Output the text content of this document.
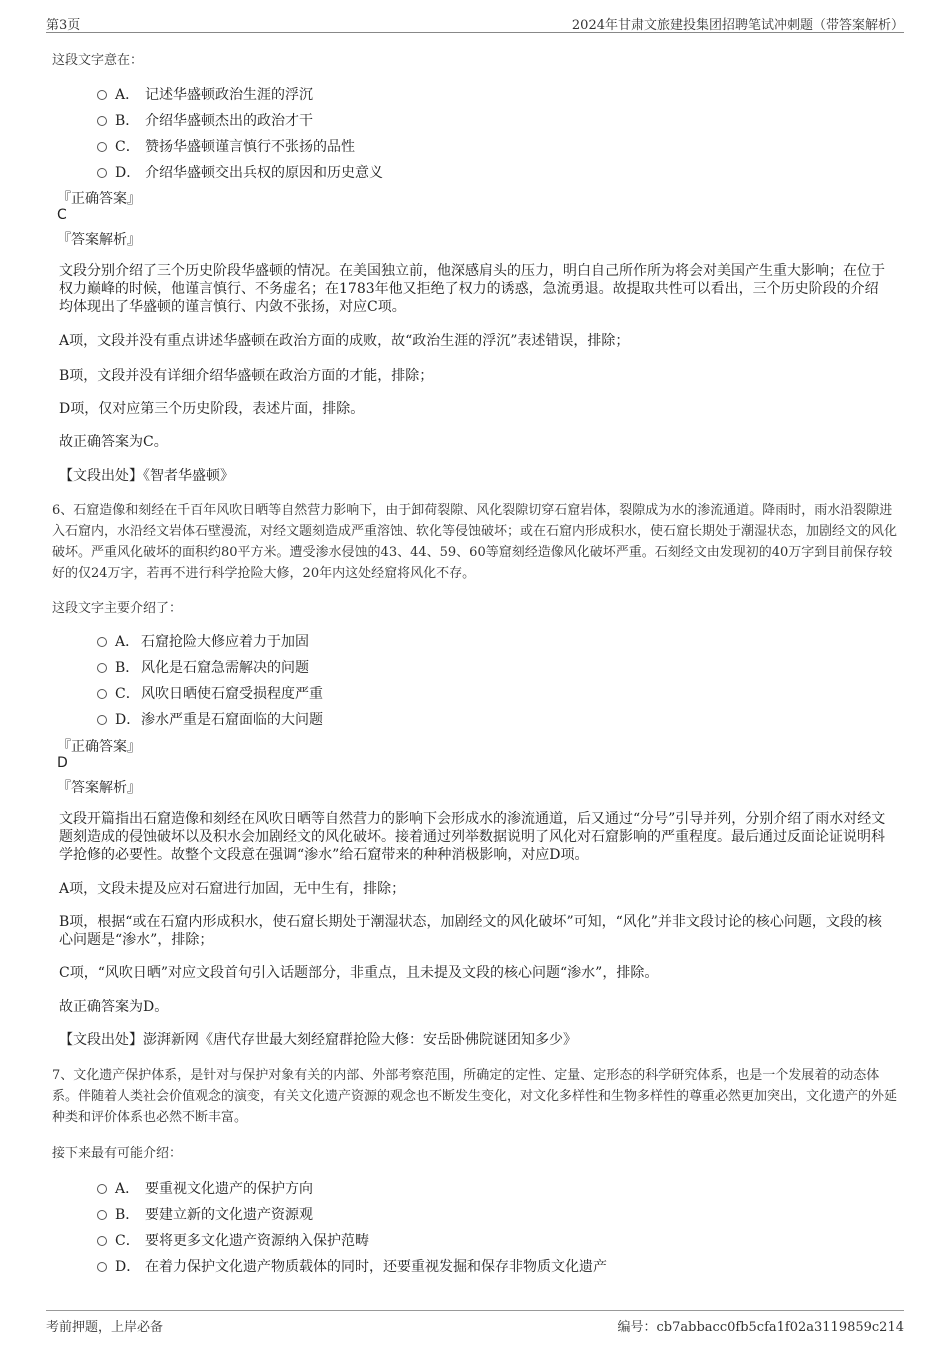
第3页	2024年甘肃文旅建投集团招聘笔试冲刺题（带答案解析）
这段文字意在：
A． 记述华盛顿政治生涯的浮沉
B． 介绍华盛顿杰出的政治才干
C． 赞扬华盛顿谨言慎行不张扬的品性
D． 介绍华盛顿交出兵权的原因和历史意义
『正确答案』
C
『答案解析』
文段分别介绍了三个历史阶段华盛顿的情况。在美国独立前，他深感肩头的压力，明白自己所作所为将会对美国产生重大影响；在位于权力巅峰的时候，他谨言慎行、不务虚名；在1783年他又拒绝了权力的诱惑，急流勇退。故提取共性可以看出，三个历史阶段的介绍均体现出了华盛顿的谨言慎行、内敛不张扬，对应C项。
A项，文段并没有重点讲述华盛顿在政治方面的成败，故“政治生涯的浮沉”表述错误，排除；
B项，文段并没有详细介绍华盛顿在政治方面的才能，排除；
D项，仅对应第三个历史阶段，表述片面，排除。
故正确答案为C。
【文段出处】《智者华盛顿》
6、石窟造像和刻经在千百年风吹日晒等自然营力影响下，由于卸荷裂隙、风化裂隙切穿石窟岩体，裂隙成为水的渗流通道。降雨时，雨水沿裂隙进入石窟内，水沿经文岩体石壁漫流，对经文题刻造成严重溶蚀、软化等侵蚀破坏；或在石窟内形成积水，使石窟长期处于潮湿状态，加剧经文的风化破坏。严重风化破坏的面积约80平方米。遭受渗水侵蚀的43、44、59、60等窟刻经造像风化破坏严重。石刻经文由发现初的40万字到目前保存较好的仅24万字，若再不进行科学抢险大修，20年内这处经窟将风化不存。
这段文字主要介绍了：
A． 石窟抢险大修应着力于加固
B． 风化是石窟急需解决的问题
C． 风吹日晒使石窟受损程度严重
D． 渗水严重是石窟面临的大问题
『正确答案』
D
『答案解析』
文段开篇指出石窟造像和刻经在风吹日晒等自然营力的影响下会形成水的渗流通道，后又通过“分号”引导并列，分别介绍了雨水对经文题刻造成的侵蚀破坏以及积水会加剧经文的风化破坏。接着通过列举数据说明了风化对石窟影响的严重程度。最后通过反面论证说明科学抢修的必要性。故整个文段意在强调“渗水”给石窟带来的种种消极影响，对应D项。
A项，文段未提及应对石窟进行加固，无中生有，排除；
B项，根据“或在石窟内形成积水，使石窟长期处于潮湿状态，加剧经文的风化破坏”可知，“风化”并非文段讨论的核心问题，文段的核心问题是“渗水”，排除；
C项，“风吹日晒”对应文段首句引入话题部分，非重点，且未提及文段的核心问题“渗水”，排除。
故正确答案为D。
【文段出处】澎湃新网《唐代存世最大刻经窟群抢险大修：安岳卧佛院谜团知多少》
7、文化遗产保护体系，是针对与保护对象有关的内部、外部考察范围，所确定的定性、定量、定形态的科学研究体系，也是一个发展着的动态体系。伴随着人类社会价值观念的演变，有关文化遗产资源的观念也不断发生变化，对文化多样性和生物多样性的尊重必然更加突出，文化遗产的外延种类和评价体系也必然不断丰富。
接下来最有可能介绍：
A． 要重视文化遗产的保护方向
B． 要建立新的文化遗产资源观
C． 要将更多文化遗产资源纳入保护范畴
D． 在着力保护文化遗产物质载体的同时，还要重视发掘和保存非物质文化遗产
考前押题，上岸必备	编号：cb7abbacc0fb5cfa1f02a3119859c214
